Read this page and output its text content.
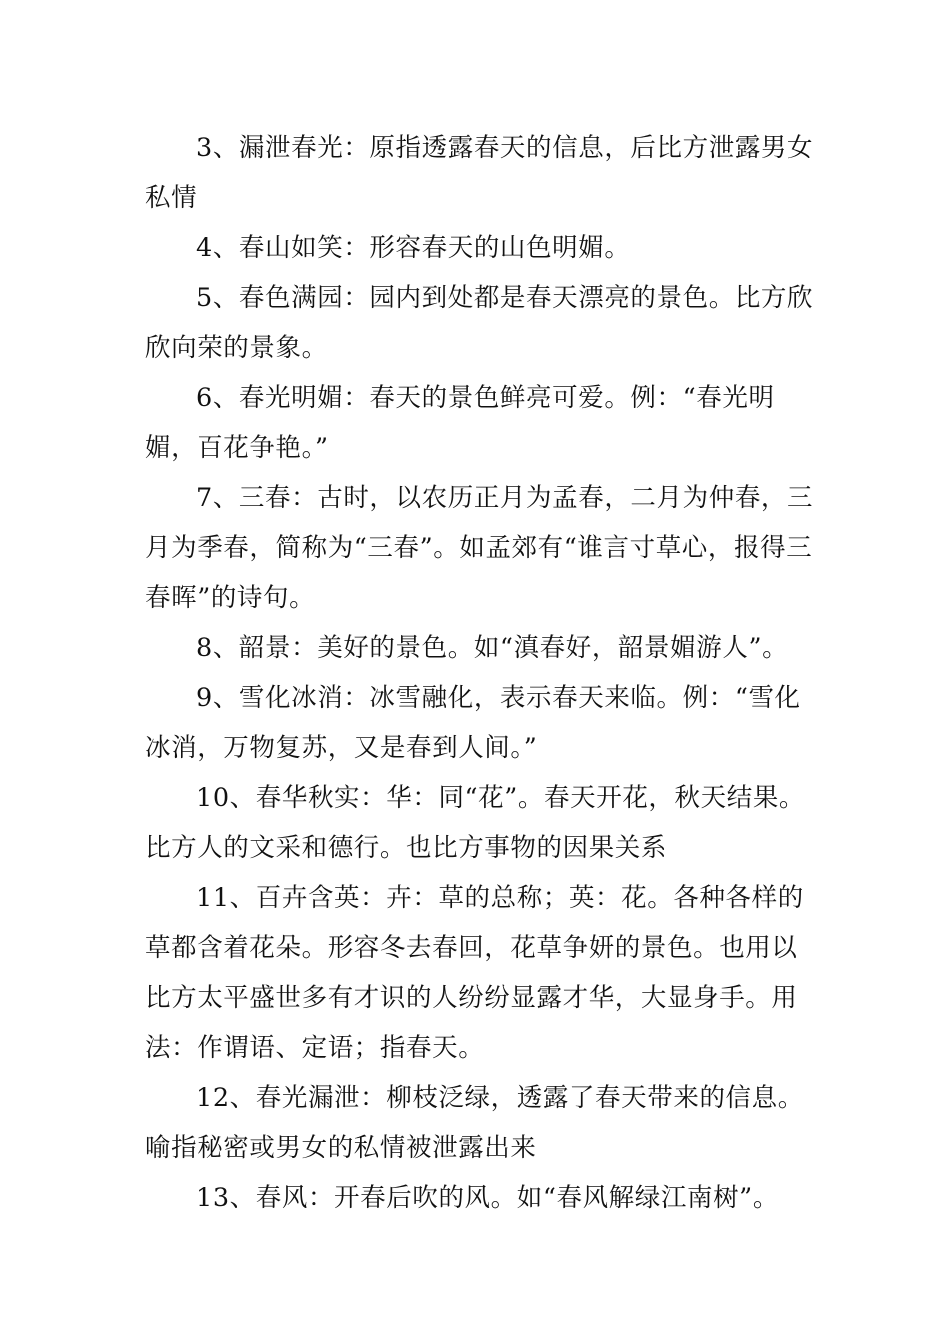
3、漏泄春光：原指透露春天的信息，后比方泄露男女私情

4、春山如笑：形容春天的山色明媚。

5、春色满园：园内到处都是春天漂亮的景色。比方欣欣向荣的景象。

6、春光明媚：春天的景色鲜亮可爱。例：“春光明媚，百花争艳。”

7、三春：古时，以农历正月为孟春，二月为仲春，三月为季春，简称为“三春”。如孟郊有“谁言寸草心，报得三春晖”的诗句。

8、韶景：美好的景色。如“滇春好，韶景媚游人”。

9、雪化冰消：冰雪融化，表示春天来临。例：“雪化冰消，万物复苏，又是春到人间。”

10、春华秋实：华：同“花”。春天开花，秋天结果。比方人的文采和德行。也比方事物的因果关系

11、百卉含英：卉：草的总称；英：花。各种各样的草都含着花朵。形容冬去春回，花草争妍的景色。也用以比方太平盛世多有才识的人纷纷显露才华，大显身手。用法：作谓语、定语；指春天。

12、春光漏泄：柳枝泛绿，透露了春天带来的信息。喻指秘密或男女的私情被泄露出来

13、春风：开春后吹的风。如“春风解绿江南树”。
